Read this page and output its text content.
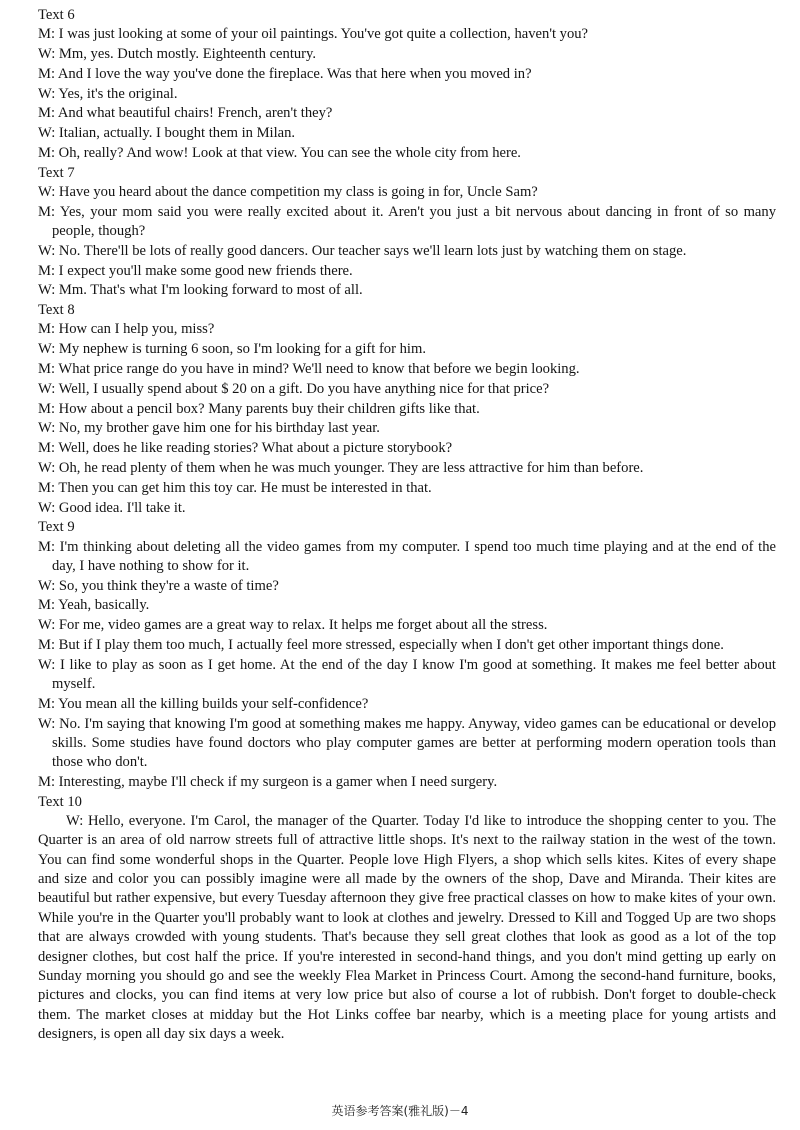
Text 6
M: I was just looking at some of your oil paintings. You've got quite a collection, haven't you?
W: Mm, yes. Dutch mostly. Eighteenth century.
M: And I love the way you've done the fireplace. Was that here when you moved in?
W: Yes, it's the original.
M: And what beautiful chairs! French, aren't they?
W: Italian, actually. I bought them in Milan.
M: Oh, really? And wow! Look at that view. You can see the whole city from here.
Text 7
W: Have you heard about the dance competition my class is going in for, Uncle Sam?
M: Yes, your mom said you were really excited about it. Aren't you just a bit nervous about dancing in front of so many people, though?
W: No. There'll be lots of really good dancers. Our teacher says we'll learn lots just by watching them on stage.
M: I expect you'll make some good new friends there.
W: Mm. That's what I'm looking forward to most of all.
Text 8
M: How can I help you, miss?
W: My nephew is turning 6 soon, so I'm looking for a gift for him.
M: What price range do you have in mind? We'll need to know that before we begin looking.
W: Well, I usually spend about $ 20 on a gift. Do you have anything nice for that price?
M: How about a pencil box? Many parents buy their children gifts like that.
W: No, my brother gave him one for his birthday last year.
M: Well, does he like reading stories? What about a picture storybook?
W: Oh, he read plenty of them when he was much younger. They are less attractive for him than before.
M: Then you can get him this toy car. He must be interested in that.
W: Good idea. I'll take it.
Text 9
M: I'm thinking about deleting all the video games from my computer. I spend too much time playing and at the end of the day, I have nothing to show for it.
W: So, you think they're a waste of time?
M: Yeah, basically.
W: For me, video games are a great way to relax. It helps me forget about all the stress.
M: But if I play them too much, I actually feel more stressed, especially when I don't get other important things done.
W: I like to play as soon as I get home. At the end of the day I know I'm good at something. It makes me feel better about myself.
M: You mean all the killing builds your self-confidence?
W: No. I'm saying that knowing I'm good at something makes me happy. Anyway, video games can be educational or develop skills. Some studies have found doctors who play computer games are better at performing modern operation tools than those who don't.
M: Interesting, maybe I'll check if my surgeon is a gamer when I need surgery.
Text 10

W: Hello, everyone. I'm Carol, the manager of the Quarter. Today I'd like to introduce the shopping center to you. The Quarter is an area of old narrow streets full of attractive little shops. It's next to the railway station in the west of the town. You can find some wonderful shops in the Quarter. People love High Flyers, a shop which sells kites. Kites of every shape and size and color you can possibly imagine were all made by the owners of the shop, Dave and Miranda. Their kites are beautiful but rather expensive, but every Tuesday afternoon they give free practical classes on how to make kites of your own. While you're in the Quarter you'll probably want to look at clothes and jewelry. Dressed to Kill and Togged Up are two shops that are always crowded with young students. That's because they sell great clothes that look as good as a lot of the top designer clothes, but cost half the price. If you're interested in second-hand things, and you don't mind getting up early on Sunday morning you should go and see the weekly Flea Market in Princess Court. Among the second-hand furniture, books, pictures and clocks, you can find items at very low price but also of course a lot of rubbish. Don't forget to double-check them. The market closes at midday but the Hot Links coffee bar nearby, which is a meeting place for young artists and designers, is open all day six days a week.

英语参考答案(雅礼版)－4
